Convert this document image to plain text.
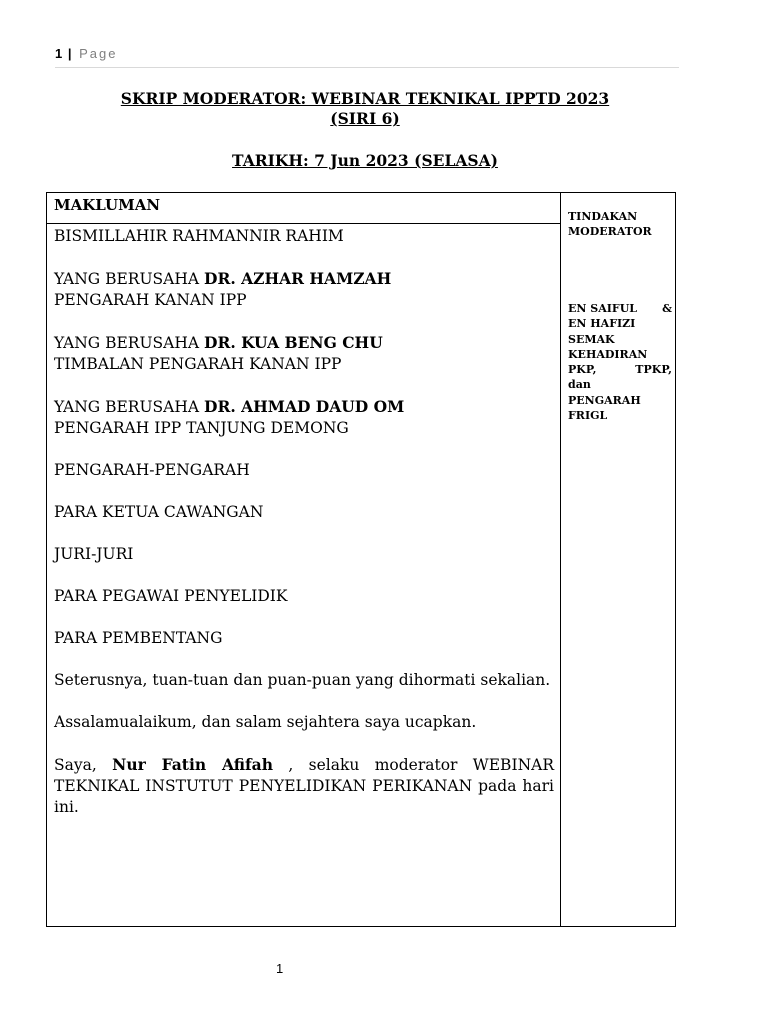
1 | Page
SKRIP MODERATOR: WEBINAR TEKNIKAL IPPTD 2023
(SIRI 6)
TARIKH: 7 Jun 2023 (SELASA)
MAKLUMAN
TINDAKAN
MODERATOR

BISMILLAHIR RAHMANNIR RAHIM

YANG BERUSAHA DR. AZHAR HAMZAH
PENGARAH KANAN IPP

YANG BERUSAHA DR. KUA BENG CHU
TIMBALAN PENGARAH KANAN IPP

YANG BERUSAHA DR. AHMAD DAUD OM
PENGARAH IPP TANJUNG DEMONG

PENGARAH-PENGARAH

PARA KETUA CAWANGAN

JURI-JURI

PARA PEGAWAI PENYELIDIK

PARA PEMBENTANG

Seterusnya, tuan-tuan dan puan-puan yang dihormati sekalian.

Assalamualaikum, dan salam sejahtera saya ucapkan.

Saya, Nur Fatin Afifah , selaku moderator WEBINAR TEKNIKAL INSTUTUT PENYELIDIKAN PERIKANAN pada hari ini.

EN SAIFUL &
EN HAFIZI
SEMAK
KEHADIRAN
PKP,	TPKP,
dan
PENGARAH
FRIGL
1
